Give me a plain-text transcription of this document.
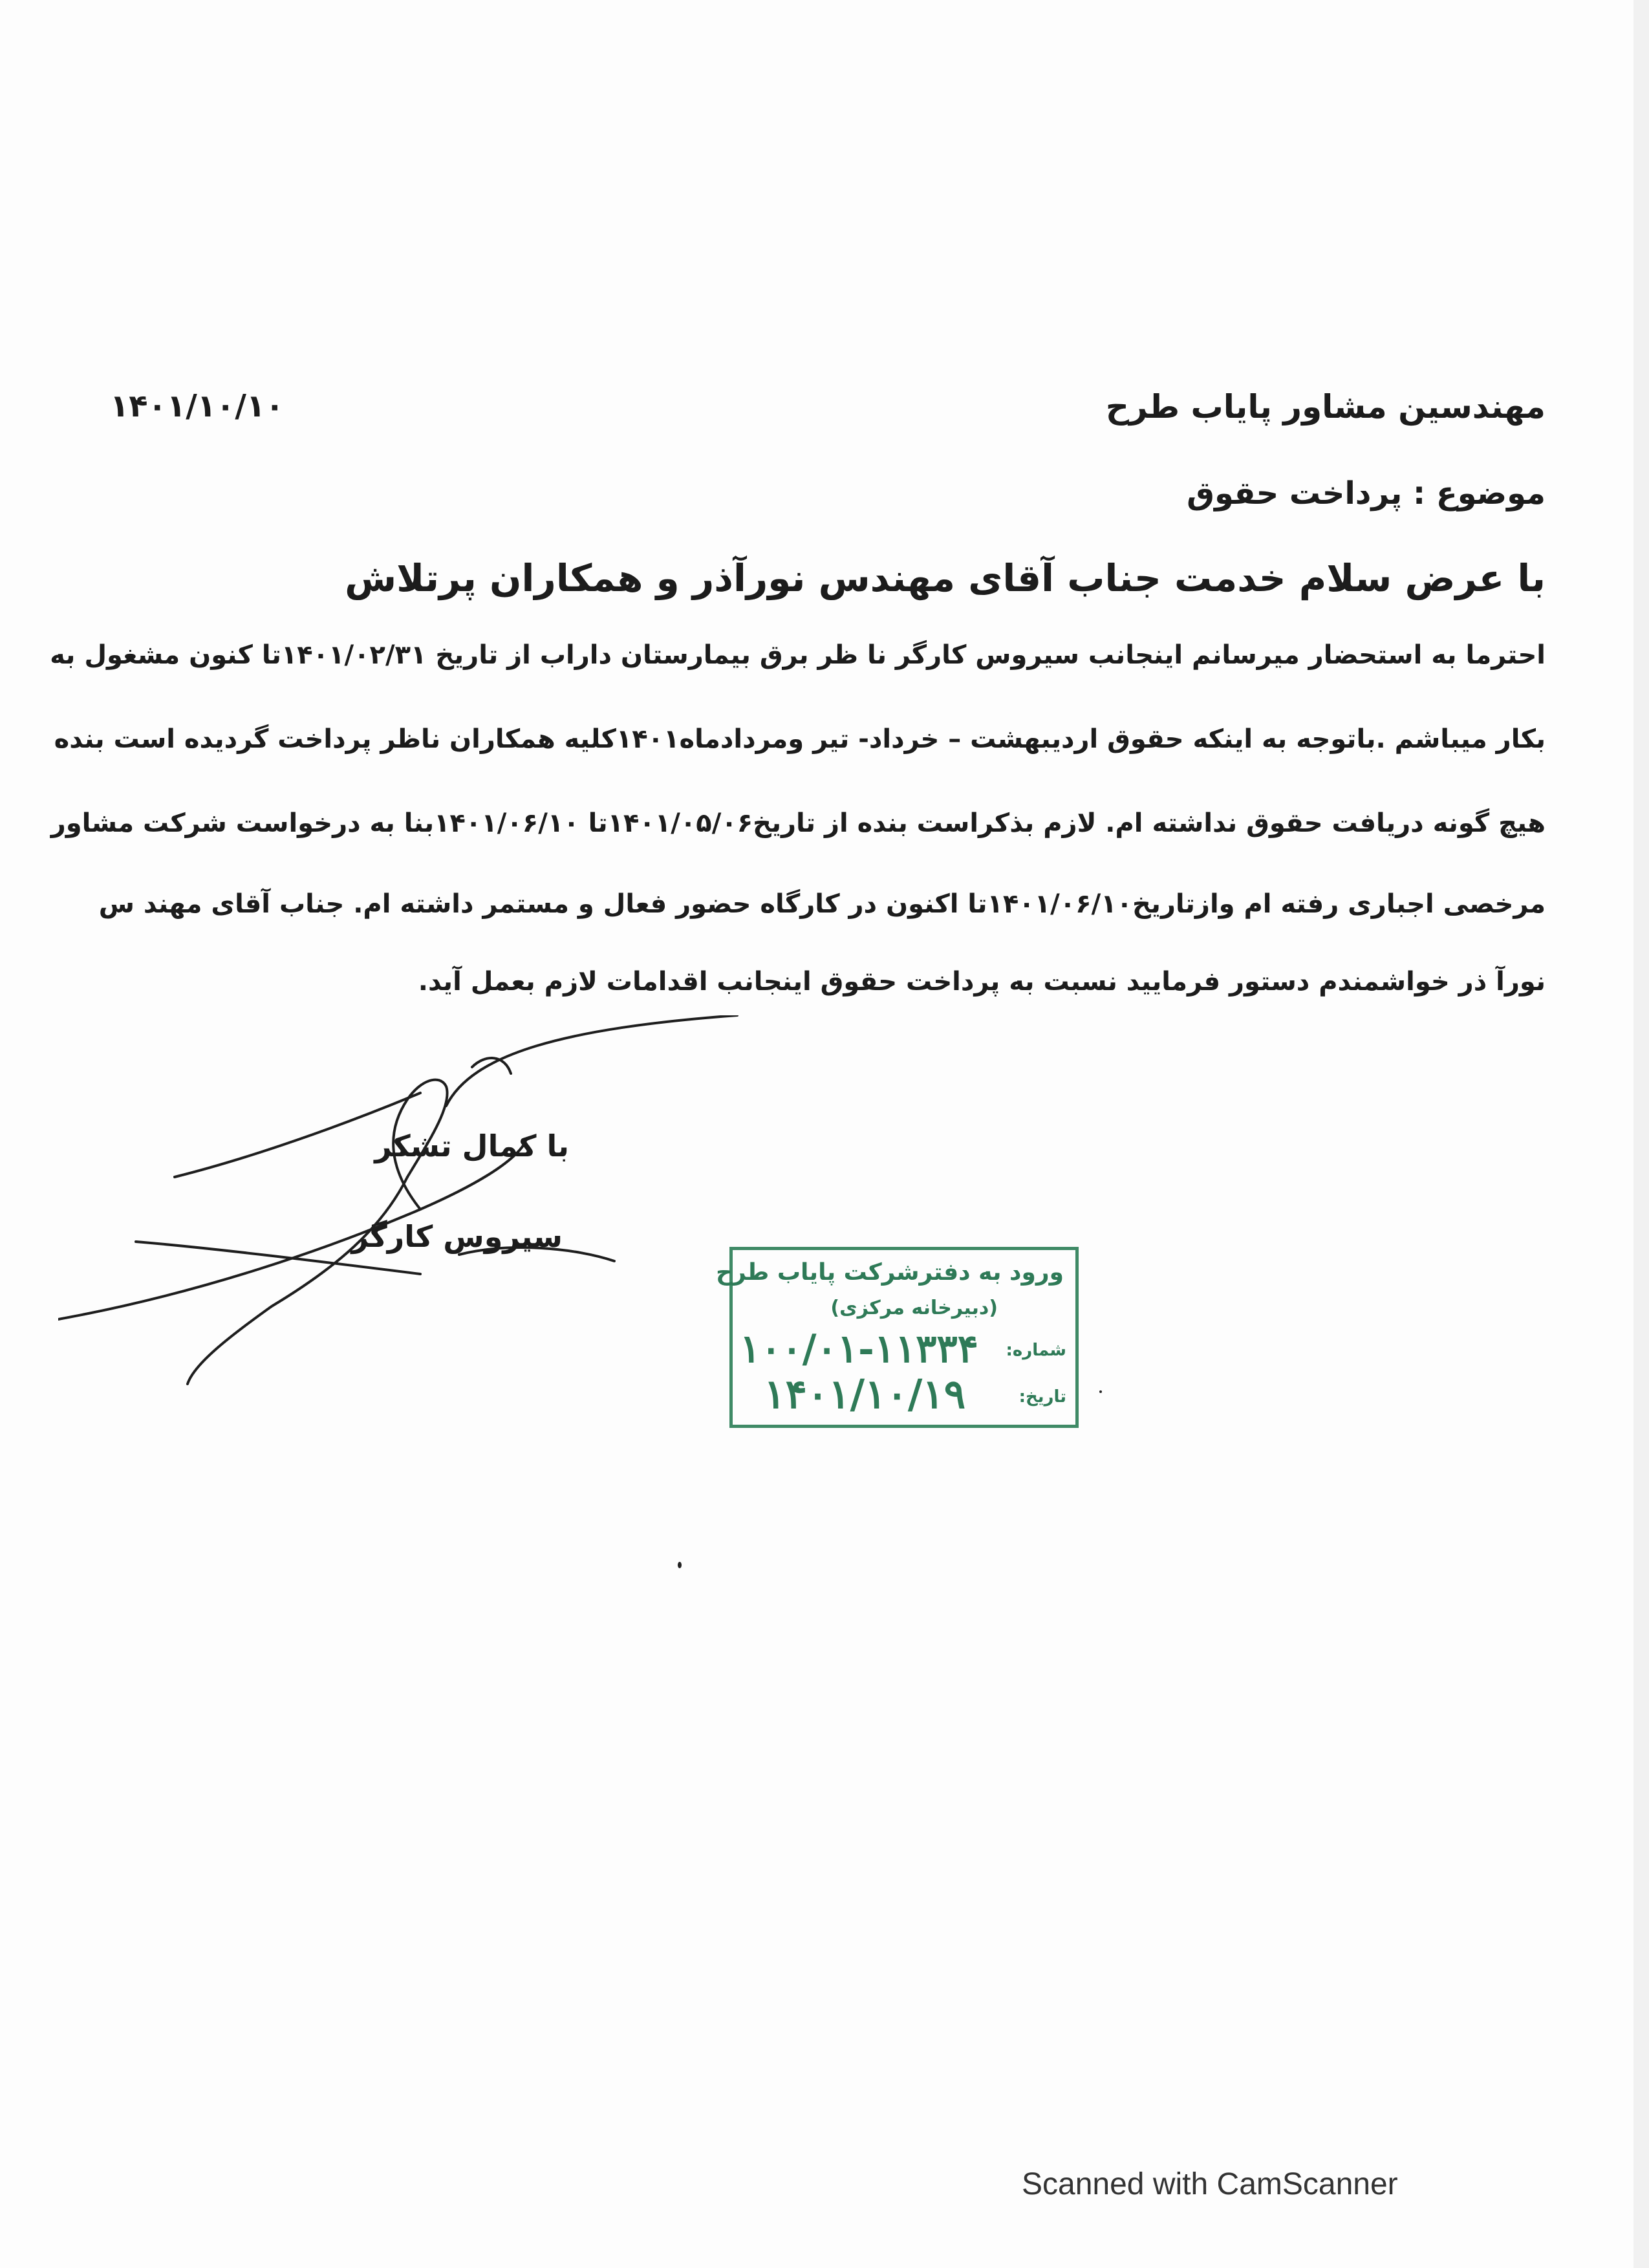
مهندسین مشاور پایاب طرح
۱۴۰۱/۱۰/۱۰
موضوع : پرداخت حقوق
با عرض سلام خدمت جناب آقای مهندس نورآذر و همکاران پرتلاش
احترما به استحضار میرسانم اینجانب سیروس کارگر نا ظر برق بیمارستان داراب از تاریخ ۱۴۰۱/۰۲/۳۱تا کنون مشغول به
بکار میباشم .باتوجه به اینکه حقوق اردیبهشت – خرداد- تیر ومردادماه۱۴۰۱کلیه همکاران ناظر پرداخت گردیده است بنده
هیچ گونه دریافت حقوق نداشته ام. لازم بذکراست بنده از تاریخ۱۴۰۱/۰۵/۰۶تا ۱۴۰۱/۰۶/۱۰بنا به درخواست شرکت مشاور
مرخصی اجباری رفته ام وازتاریخ۱۴۰۱/۰۶/۱۰تا اکنون در کارگاه حضور فعال و مستمر داشته ام. جناب آقای مهند س
نورآ ذر خواشمندم دستور فرمایید نسبت به پرداخت حقوق اینجانب اقدامات لازم بعمل آید.
با کمال تشکر
سیروس کارگر
ورود به دفترشرکت پایاب طرح
(دبیرخانه مرکزی)
شماره:
۱۰۰/۰۱-۱۱۳۳۴
تاریخ:
۱۴۰۱/۱۰/۱۹
Scanned with CamScanner
